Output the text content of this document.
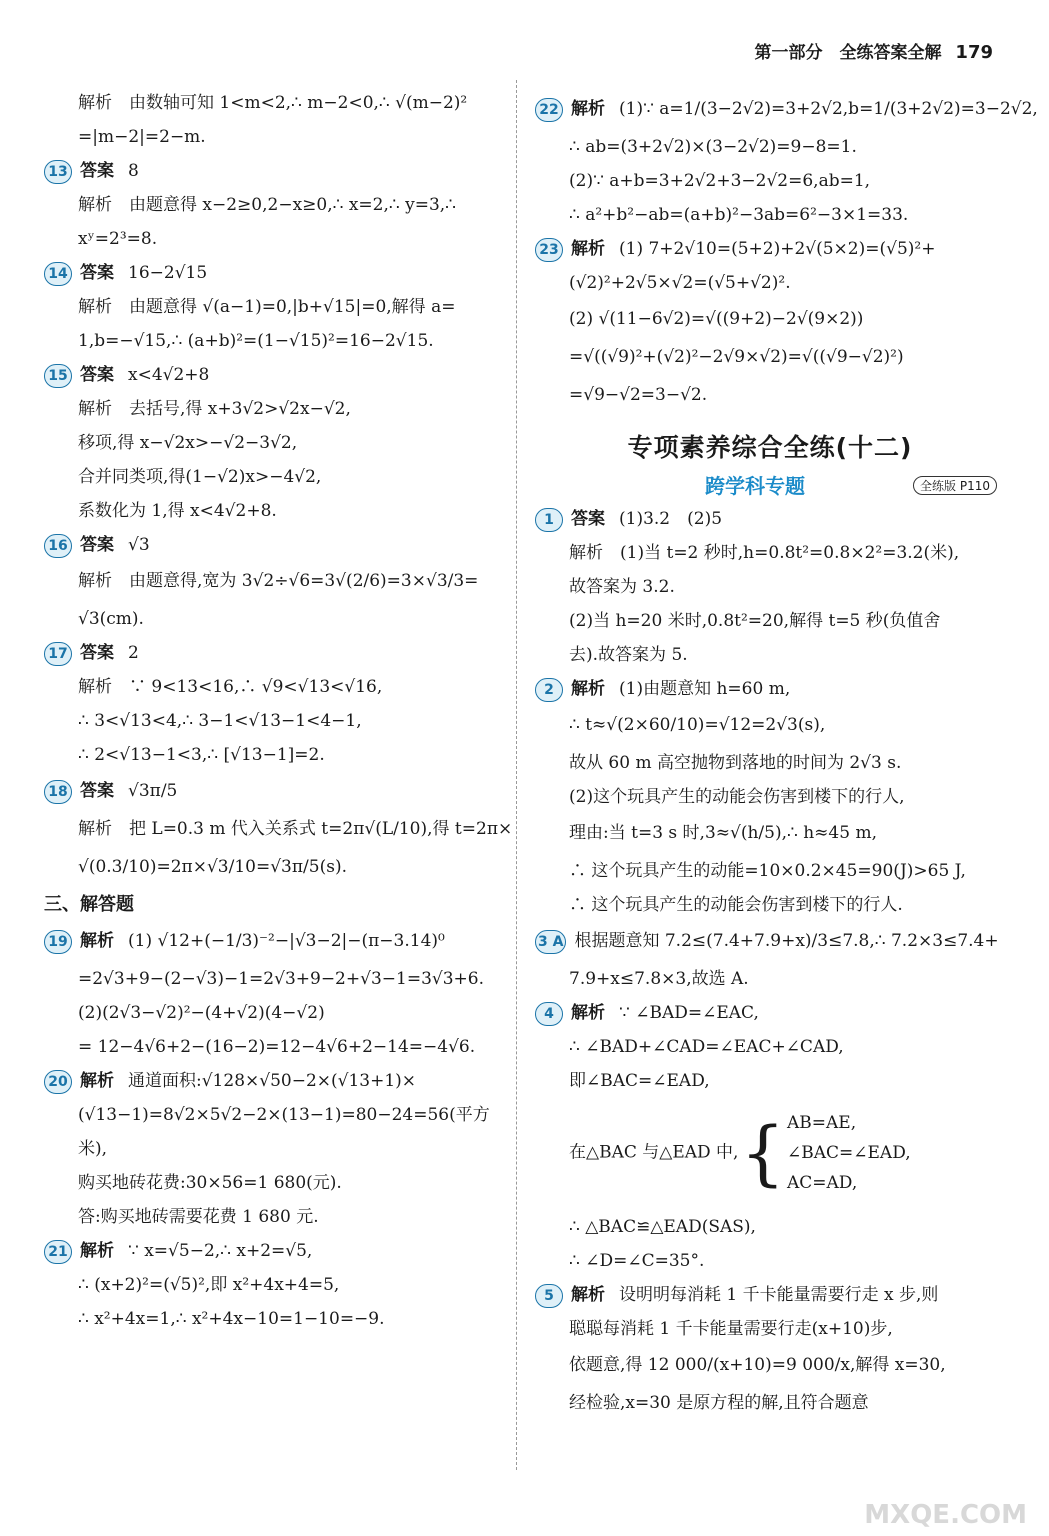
第一部分　全练答案全解 179
解析　由数轴可知 1<m<2,∴ m−2<0,∴ √(m−2)²
=|m−2|=2−m.
13 答案 8
解析　由题意得 x−2≥0,2−x≥0,∴ x=2,∴ y=3,∴
xʸ=2³=8.
14 答案 16−2√15
解析　由题意得 √(a−1)=0,|b+√15|=0,解得 a=
1,b=−√15,∴ (a+b)²=(1−√15)²=16−2√15.
15 答案 x<4√2+8
解析　去括号,得 x+3√2>√2x−√2,
移项,得 x−√2x>−√2−3√2,
合并同类项,得(1−√2)x>−4√2,
系数化为 1,得 x<4√2+8.
16 答案 √3
解析　由题意得,宽为 3√2÷√6=3√(2/6)=3×√3/3=
√3(cm).
17 答案 2
解析　∵ 9<13<16,∴ √9<√13<√16,
∴ 3<√13<4,∴ 3−1<√13−1<4−1,
∴ 2<√13−1<3,∴ [√13−1]=2.
18 答案 √3π/5
解析　把 L=0.3 m 代入关系式 t=2π√(L/10),得 t=2π×
√(0.3/10)=2π×√3/10=√3π/5(s).
三、解答题
19 解析 (1) √12+(−1/3)⁻²−|√3−2|−(π−3.14)⁰
=2√3+9−(2−√3)−1=2√3+9−2+√3−1=3√3+6.
(2)(2√3−√2)²−(4+√2)(4−√2)
= 12−4√6+2−(16−2)=12−4√6+2−14=−4√6.
20 解析 通道面积:√128×√50−2×(√13+1)×
(√13−1)=8√2×5√2−2×(13−1)=80−24=56(平方
米),
购买地砖花费:30×56=1 680(元).
答:购买地砖需要花费 1 680 元.
21 解析 ∵ x=√5−2,∴ x+2=√5,
∴ (x+2)²=(√5)²,即 x²+4x+4=5,
∴ x²+4x=1,∴ x²+4x−10=1−10=−9.
22 解析 (1)∵ a=1/(3−2√2)=3+2√2,b=1/(3+2√2)=3−2√2,
∴ ab=(3+2√2)×(3−2√2)=9−8=1.
(2)∵ a+b=3+2√2+3−2√2=6,ab=1,
∴ a²+b²−ab=(a+b)²−3ab=6²−3×1=33.
23 解析 (1) 7+2√10=(5+2)+2√(5×2)=(√5)²+
(√2)²+2√5×√2=(√5+√2)².
(2) √(11−6√2)=√((9+2)−2√(9×2))
=√((√9)²+(√2)²−2√9×√2)=√((√9−√2)²)
=√9−√2=3−√2.
专项素养综合全练(十二)
跨学科专题	全练版 P110
1 答案 (1)3.2　(2)5
解析　(1)当 t=2 秒时,h=0.8t²=0.8×2²=3.2(米),
故答案为 3.2.
(2)当 h=20 米时,0.8t²=20,解得 t=5 秒(负值舍
去).故答案为 5.
2 解析 (1)由题意知 h=60 m,
∴ t≈√(2×60/10)=√12=2√3(s),
故从 60 m 高空抛物到落地的时间为 2√3 s.
(2)这个玩具产生的动能会伤害到楼下的行人,
理由:当 t=3 s 时,3≈√(h/5),∴ h≈45 m,
∴ 这个玩具产生的动能=10×0.2×45=90(J)>65 J,
∴ 这个玩具产生的动能会伤害到楼下的行人.
3 A 根据题意知 7.2≤(7.4+7.9+x)/3≤7.8,∴ 7.2×3≤7.4+
7.9+x≤7.8×3,故选 A.
4 解析 ∵ ∠BAD=∠EAC,
∴ ∠BAD+∠CAD=∠EAC+∠CAD,
即∠BAC=∠EAD,
在△BAC 与△EAD 中,{ AB=AE,
∠BAC=∠EAD,
AC=AD,
∴ △BAC≌△EAD(SAS),
∴ ∠D=∠C=35°.
5 解析 设明明每消耗 1 千卡能量需要行走 x 步,则
聪聪每消耗 1 千卡能量需要行走(x+10)步,
依题意,得 12 000/(x+10)=9 000/x,解得 x=30,
经检验,x=30 是原方程的解,且符合题意
MXQE.COM
